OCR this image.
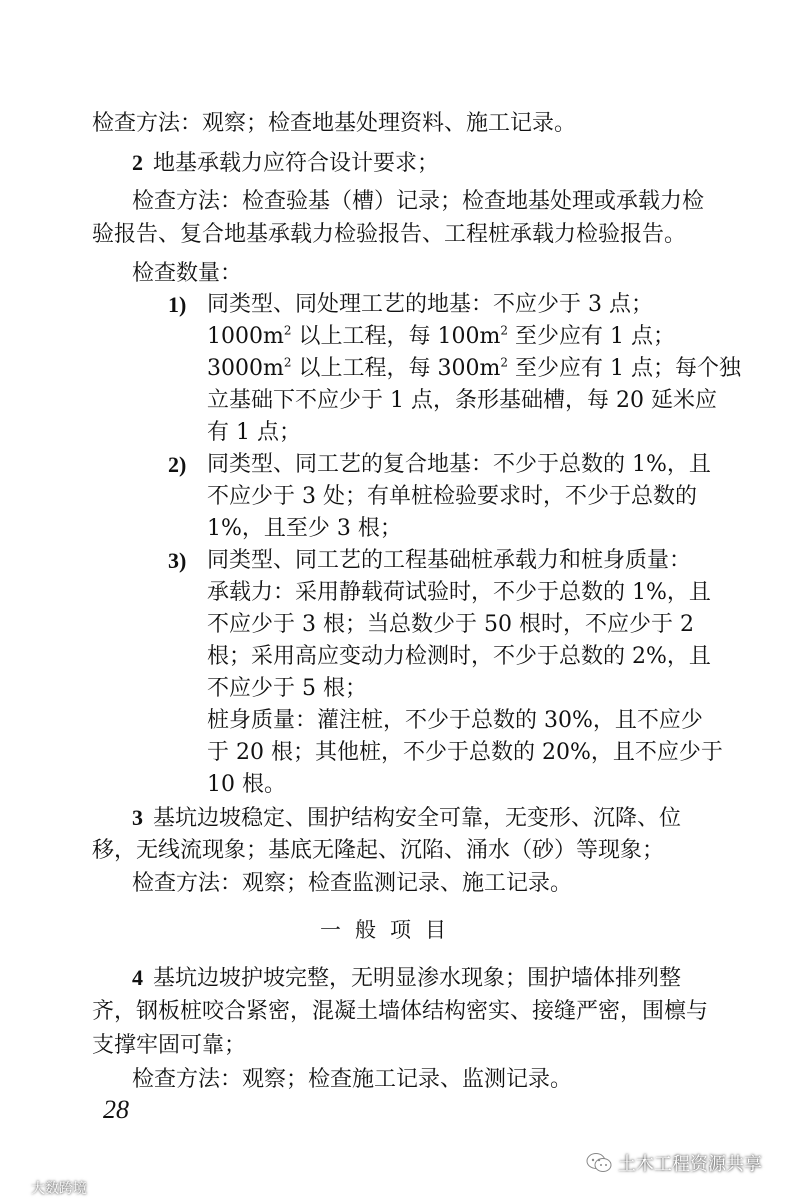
检查方法：观察；检查地基处理资料、施工记录。
2 地基承载力应符合设计要求；
检查方法：检查验基（槽）记录；检查地基处理或承载力检
验报告、复合地基承载力检验报告、工程桩承载力检验报告。
检查数量：
1) 同类型、同处理工艺的地基：不应少于 3 点；
$1000m^2$ 以上工程，每 $100m^2$ 至少应有 1 点；
$3000m^2$ 以上工程，每 $300m^2$ 至少应有 1 点；每个独
立基础下不应少于 1 点，条形基础槽，每 20 延米应
有 1 点；
2) 同类型、同工艺的复合地基：不少于总数的 1%，且
不应少于 3 处；有单桩检验要求时，不少于总数的
1%，且至少 3 根；
3) 同类型、同工艺的工程基础桩承载力和桩身质量：
承载力：采用静载荷试验时，不少于总数的 1%，且
不应少于 3 根；当总数少于 50 根时，不应少于 2
根；采用高应变动力检测时，不少于总数的 2%，且
不应少于 5 根；
桩身质量：灌注桩，不少于总数的 30%，且不应少
于 20 根；其他桩，不少于总数的 20%，且不应少于
10 根。
3 基坑边坡稳定、围护结构安全可靠，无变形、沉降、位
移，无线流现象；基底无隆起、沉陷、涌水（砂）等现象；
检查方法：观察；检查监测记录、施工记录。
一般项目
4 基坑边坡护坡完整，无明显渗水现象；围护墙体排列整
齐，钢板桩咬合紧密，混凝土墙体结构密实、接缝严密，围檩与
支撑牢固可靠；
检查方法：观察；检查施工记录、监测记录。
28
大数跨境
土木工程资源共享
